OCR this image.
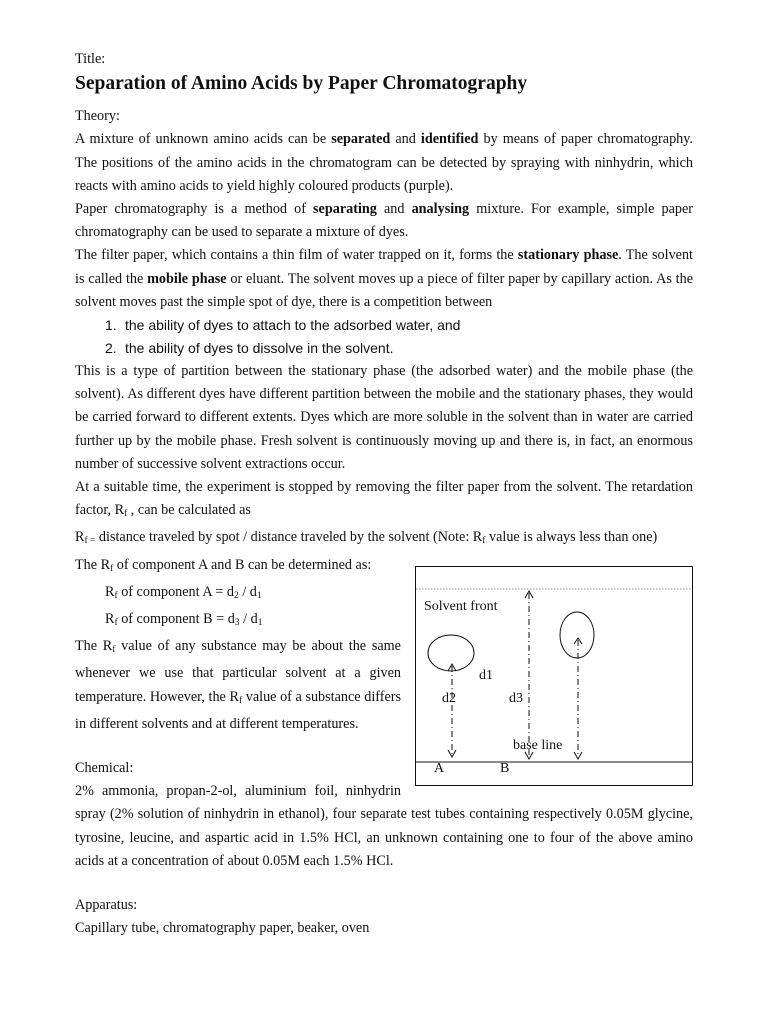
Title:

Separation of Amino Acids by Paper Chromatography

Theory:

A mixture of unknown amino acids can be separated and identified by means of paper chromatography. The positions of the amino acids in the chromatogram can be detected by spraying with ninhydrin, which reacts with amino acids to yield highly coloured products (purple).

Paper chromatography is a method of separating and analysing mixture. For example, simple paper chromatography can be used to separate a mixture of dyes.

The filter paper, which contains a thin film of water trapped on it, forms the stationary phase. The solvent is called the mobile phase or eluant. The solvent moves up a piece of filter paper by capillary action. As the solvent moves past the simple spot of dye, there is a competition between

1. the ability of dyes to attach to the adsorbed water, and
2. the ability of dyes to dissolve in the solvent.

This is a type of partition between the stationary phase (the adsorbed water) and the mobile phase (the solvent). As different dyes have different partition between the mobile and the stationary phases, they would be carried forward to different extents. Dyes which are more soluble in the solvent than in water are carried further up by the mobile phase. Fresh solvent is continuously moving up and there is, in fact, an enormous number of successive solvent extractions occur.

At a suitable time, the experiment is stopped by removing the filter paper from the solvent. The retardation factor, $R_f$ , can be calculated as

$R_{f =}$ distance traveled by spot / distance traveled by the solvent (Note: $R_f$ value is always less than one)

Solvent front
d1
d2	d3
base line
A	B

The $R_f$ of component A and B can be determined as:

$R_f$ of component $A = d_2 / d_1$

$R_f$ of component $B = d_3 / d_1$

The $R_f$ value of any substance may be about the same whenever we use that particular solvent at a given temperature. However, the $R_f$ value of a substance differs in different solvents and at different temperatures.

Chemical:

2% ammonia, propan-2-ol, aluminium foil, ninhydrin spray (2% solution of ninhydrin in ethanol), four separate test tubes containing respectively 0.05M glycine, tyrosine, leucine, and aspartic acid in 1.5% HCl, an unknown containing one to four of the above amino acids at a concentration of about 0.05M each 1.5% HCl.

Apparatus:

Capillary tube, chromatography paper, beaker, oven
